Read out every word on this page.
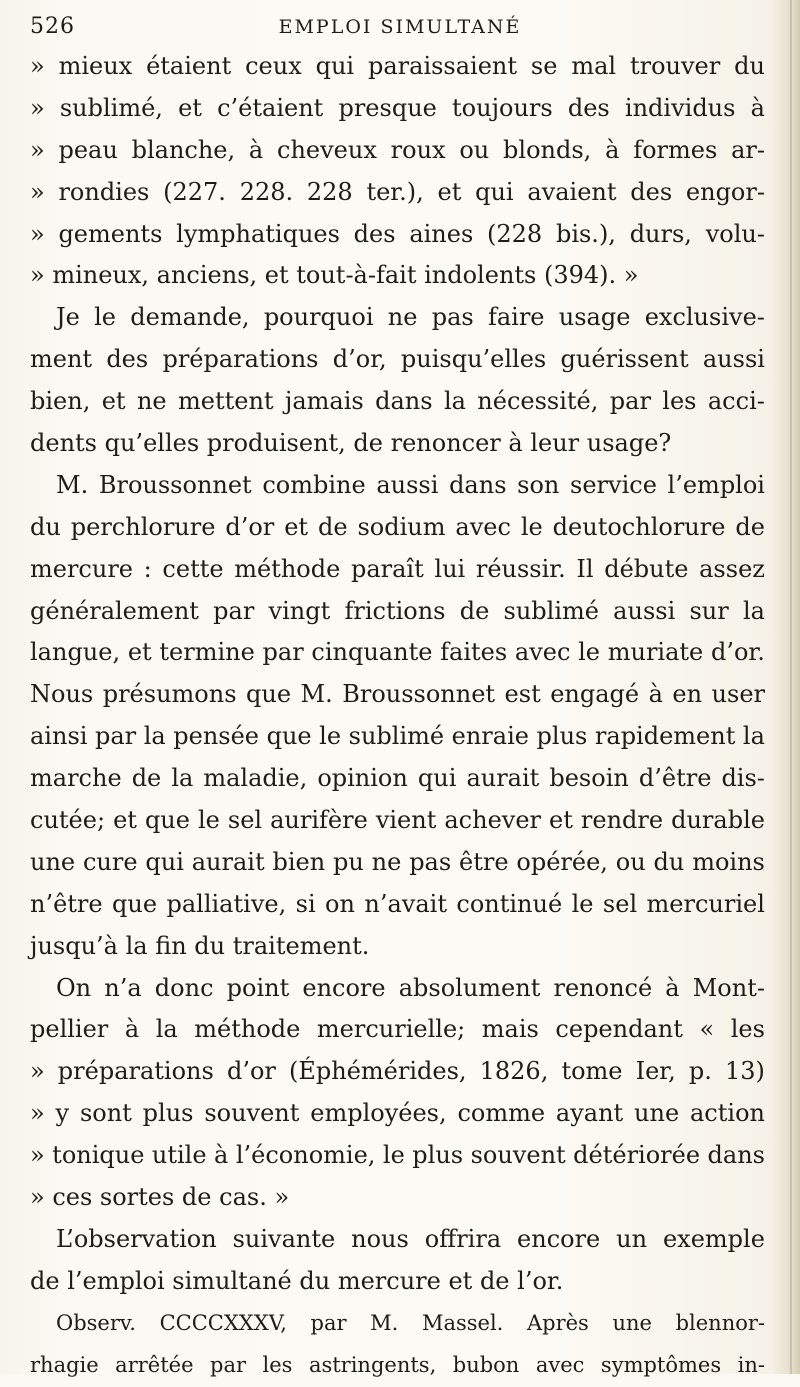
526	EMPLOI SIMULTANÉ
» mieux étaient ceux qui paraissaient se mal trouver du
» sublimé, et c’étaient presque toujours des individus à
» peau blanche, à cheveux roux ou blonds, à formes ar-
» rondies (227. 228. 228 ter.), et qui avaient des engor-
» gements lymphatiques des aines (228 bis.), durs, volu-
» mineux, anciens, et tout-à-fait indolents (394). »
Je le demande, pourquoi ne pas faire usage exclusive-
ment des préparations d’or, puisqu’elles guérissent aussi
bien, et ne mettent jamais dans la nécessité, par les acci-
dents qu’elles produisent, de renoncer à leur usage?
M. Broussonnet combine aussi dans son service l’emploi
du perchlorure d’or et de sodium avec le deutochlorure de
mercure : cette méthode paraît lui réussir. Il débute assez
généralement par vingt frictions de sublimé aussi sur la
langue, et termine par cinquante faites avec le muriate d’or.
Nous présumons que M. Broussonnet est engagé à en user
ainsi par la pensée que le sublimé enraie plus rapidement la
marche de la maladie, opinion qui aurait besoin d’être dis-
cutée; et que le sel aurifère vient achever et rendre durable
une cure qui aurait bien pu ne pas être opérée, ou du moins
n’être que palliative, si on n’avait continué le sel mercuriel
jusqu’à la fin du traitement.
On n’a donc point encore absolument renoncé à Mont-
pellier à la méthode mercurielle; mais cependant « les
» préparations d’or (Éphémérides, 1826, tome Ier, p. 13)
» y sont plus souvent employées, comme ayant une action
» tonique utile à l’économie, le plus souvent détériorée dans
» ces sortes de cas. »
L’observation suivante nous offrira encore un exemple
de l’emploi simultané du mercure et de l’or.
Observ. CCCCXXXV, par M. Massel. Après une blennor-
rhagie arrêtée par les astringents, bubon avec symptômes in-
